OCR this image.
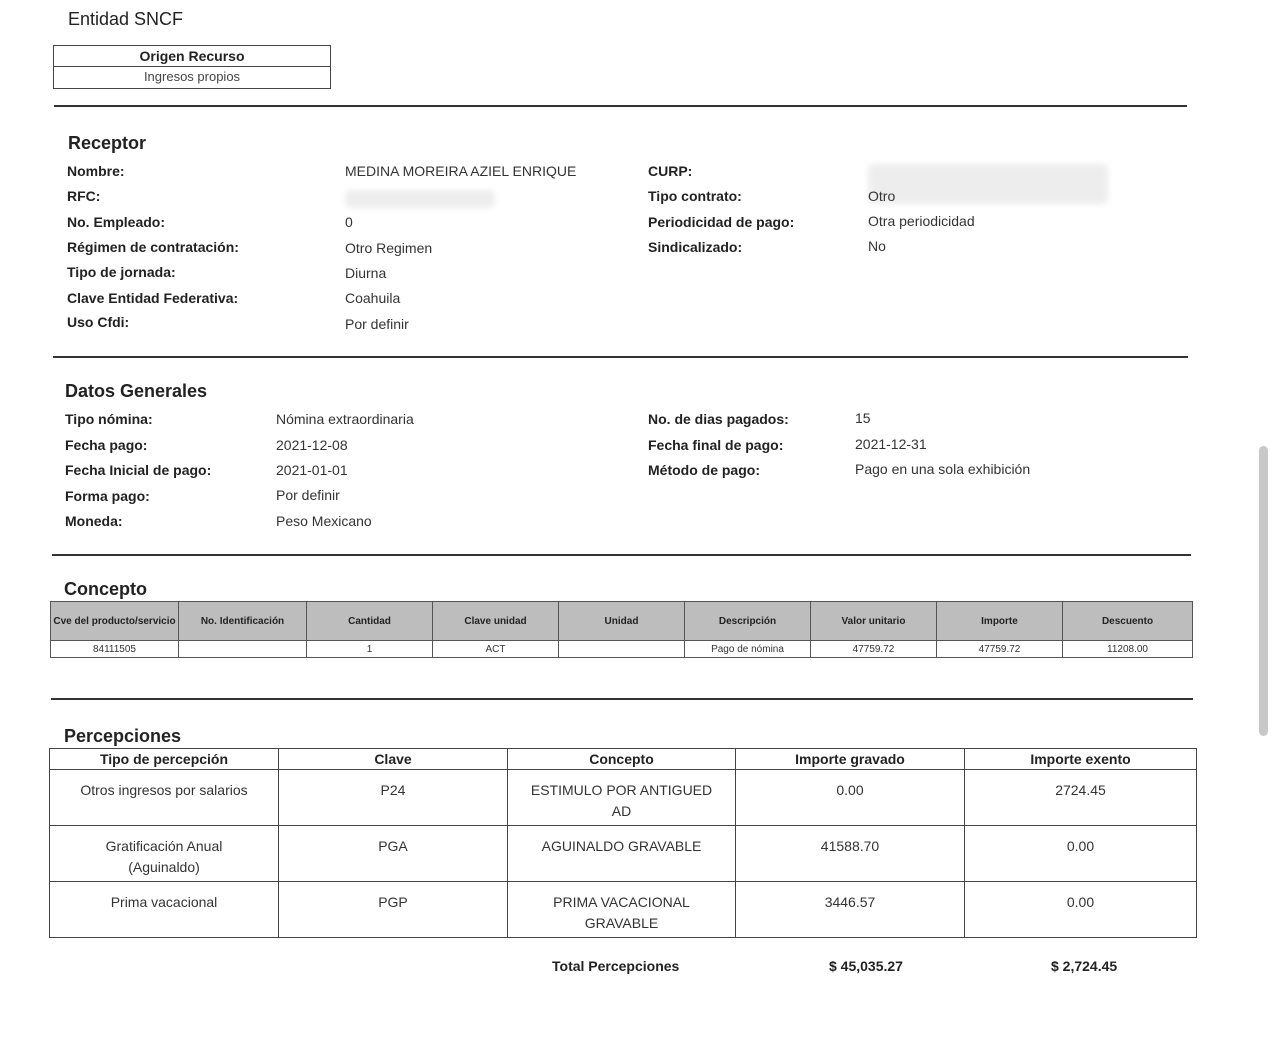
Entidad SNCF
Origen Recurso
Ingresos propios
Receptor
Nombre:	MEDINA MOREIRA AZIEL ENRIQUE
RFC:
No. Empleado:	0
Régimen de contratación:	Otro Regimen
Tipo de jornada:	Diurna
Clave Entidad Federativa:	Coahuila
Uso Cfdi:	Por definir
CURP:
Tipo contrato:	Otro
Periodicidad de pago:	Otra periodicidad
Sindicalizado:	No
Datos Generales
Tipo nómina:	Nómina extraordinaria
Fecha pago:	2021-12-08
Fecha Inicial de pago:	2021-01-01
Forma pago:	Por definir
Moneda:	Peso Mexicano
No. de dias pagados:	15
Fecha final de pago:	2021-12-31
Método de pago:	Pago en una sola exhibición
Concepto
Cve del producto/servicio	No. Identificación	Cantidad	Clave unidad	Unidad	Descripción	Valor unitario	Importe	Descuento
84111505		1	ACT		Pago de nómina	47759.72	47759.72	11208.00
Percepciones
Tipo de percepción	Clave	Concepto	Importe gravado	Importe exento
Otros ingresos por salarios	P24	ESTIMULO POR ANTIGUEDAD	0.00	2724.45
Gratificación Anual (Aguinaldo)	PGA	AGUINALDO GRAVABLE	41588.70	0.00
Prima vacacional	PGP	PRIMA VACACIONAL GRAVABLE	3446.57	0.00
Total Percepciones	$ 45,035.27	$ 2,724.45
